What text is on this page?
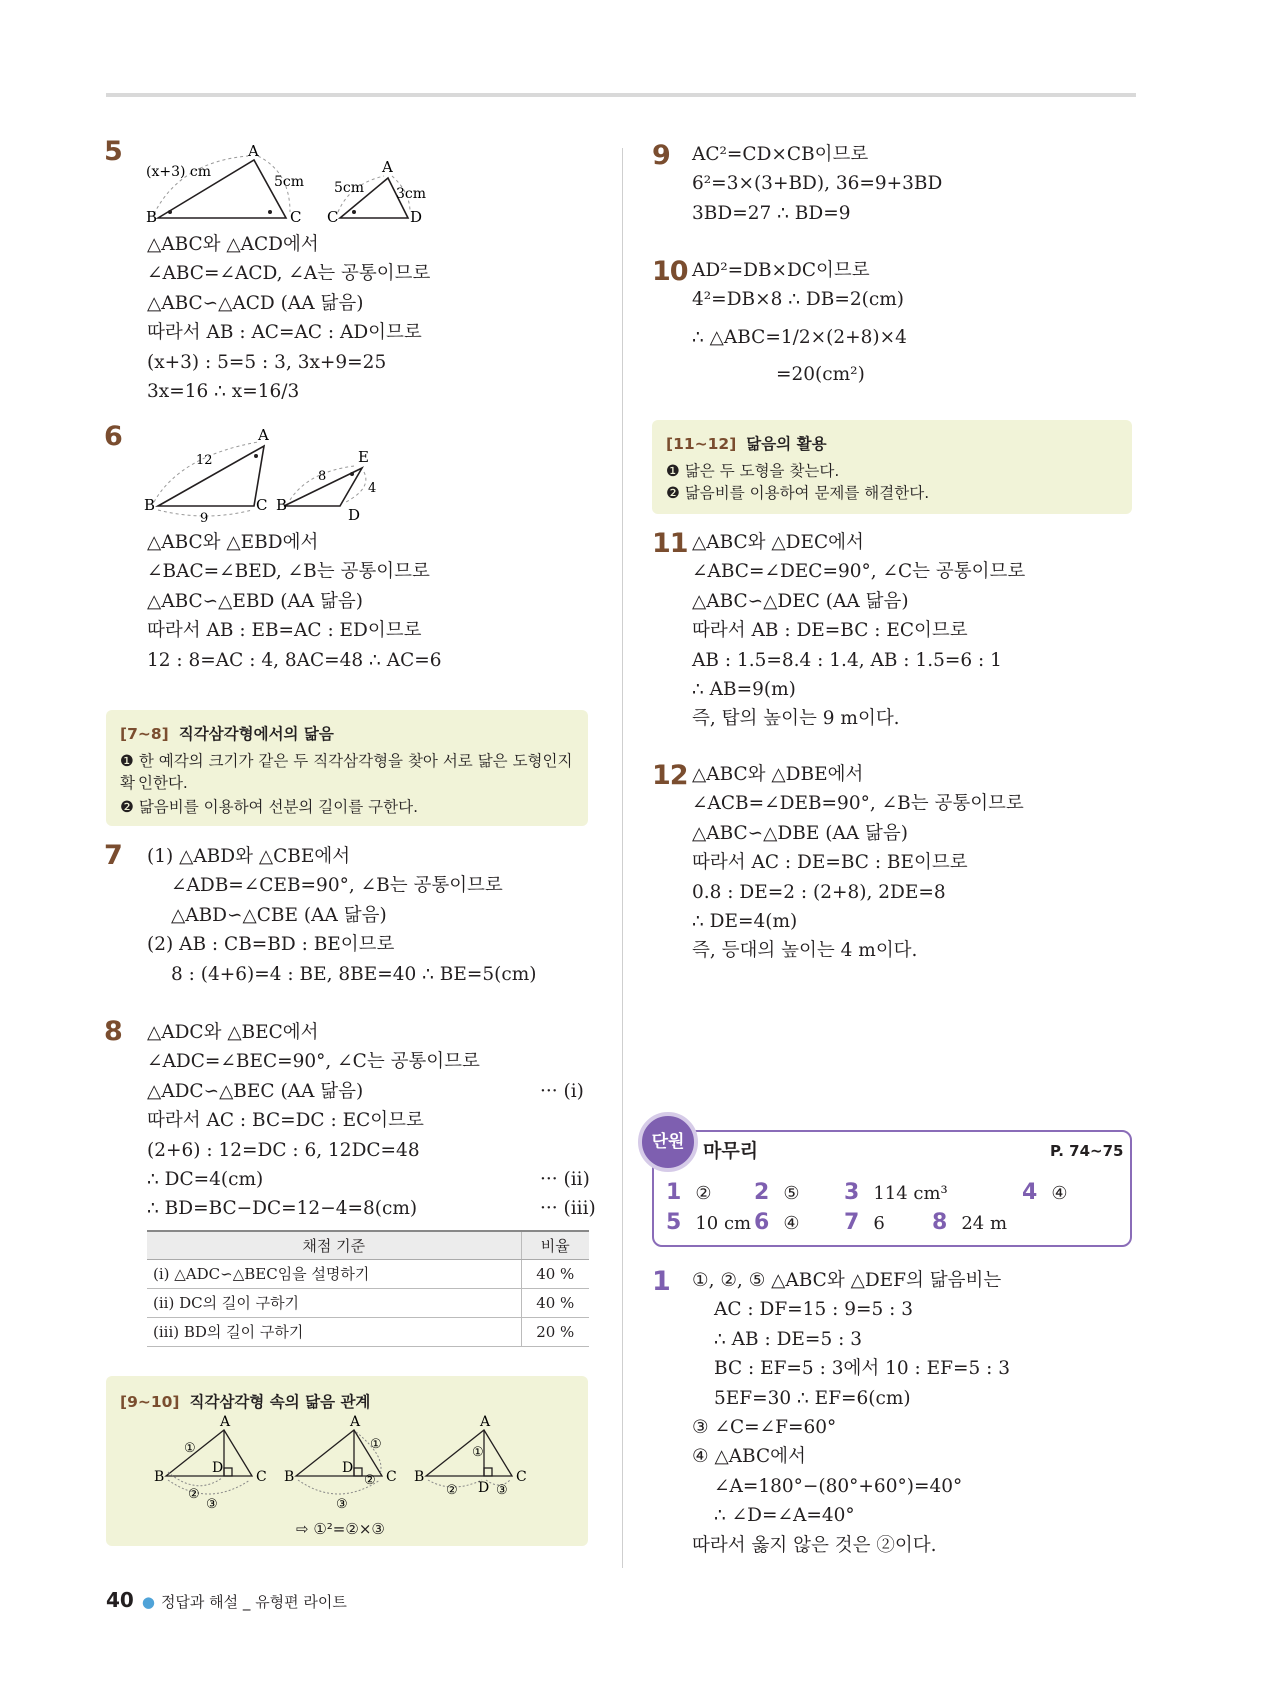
5	A
B	C
(x+3) cm
5cm
A
C	D
5cm 3cm
△ABC와 △ACD에서
∠ABC=∠ACD, ∠A는 공통이므로
△ABC∽△ACD (AA 닮음)
따라서 AB : AC=AC : AD이므로
(x+3) : 5=5 : 3, 3x+9=25
3x=16 ∴ x=16/3
6	A
B	C
12
9
E
B
D
8
4
△ABC와 △EBD에서
∠BAC=∠BED, ∠B는 공통이므로
△ABC∽△EBD (AA 닮음)
따라서 AB : EB=AC : ED이므로
12 : 8=AC : 4, 8AC=48 ∴ AC=6
[7~8] 직각삼각형에서의 닮음
❶ 한 예각의 크기가 같은 두 직각삼각형을 찾아 서로 닮은 도형인지 확 인한다.
❷ 닮음비를 이용하여 선분의 길이를 구한다.
7 (1) △ABD와 △CBE에서
∠ADB=∠CEB=90°, ∠B는 공통이므로
△ABD∽△CBE (AA 닮음)
(2) AB : CB=BD : BE이므로
8 : (4+6)=4 : BE, 8BE=40 ∴ BE=5(cm)
8 △ADC와 △BEC에서
∠ADC=∠BEC=90°, ∠C는 공통이므로
△ADC∽△BEC (AA 닮음)
따라서 AC : BC=DC : EC이므로
(2+6) : 12=DC : 6, 12DC=48
∴ DC=4(cm)
∴ BD=BC−DC=12−4=8(cm)
··· (i)
··· (ii)
··· (iii)
채점 기준	비율
(i) △ADC∽△BEC임을 설명하기	40 %
(ii) DC의 길이 구하기	40 %
(iii) BD의 길이 구하기	20 %
[9~10] 직각삼각형 속의 닮음 관계
A
B	C
D
①
②
③
A
B	C
D
①
②
③
A
B	C
D
①
②	③
⇨ ①²=②×③
9 AC²=CD×CB이므로
6²=3×(3+BD), 36=9+3BD
3BD=27 ∴ BD=9
10 AD²=DB×DC이므로
4²=DB×8 ∴ DB=2(cm)
∴ △ABC=1/2×(2+8)×4
=20(cm²)
[11~12] 닮음의 활용
❶ 닮은 두 도형을 찾는다.
❷ 닮음비를 이용하여 문제를 해결한다.
11 △ABC와 △DEC에서
∠ABC=∠DEC=90°, ∠C는 공통이므로
△ABC∽△DEC (AA 닮음)
따라서 AB : DE=BC : EC이므로
AB : 1.5=8.4 : 1.4, AB : 1.5=6 : 1
∴ AB=9(m)
즉, 탑의 높이는 9 m이다.
12 △ABC와 △DBE에서
∠ACB=∠DEB=90°, ∠B는 공통이므로
△ABC∽△DBE (AA 닮음)
따라서 AC : DE=BC : BE이므로
0.8 : DE=2 : (2+8), 2DE=8
∴ DE=4(m)
즉, 등대의 높이는 4 m이다.
단원 마무리	P. 74~75
1 ② 2 ⑤ 3 114 cm³	4 ④
5 10 cm 6 ④ 7 6 8 24 m
1 ①, ②, ⑤ △ABC와 △DEF의 닮음비는
AC : DF=15 : 9=5 : 3
∴ AB : DE=5 : 3
BC : EF=5 : 3에서 10 : EF=5 : 3
5EF=30 ∴ EF=6(cm)
③ ∠C=∠F=60°
④ △ABC에서
∠A=180°−(80°+60°)=40°
∴ ∠D=∠A=40°
따라서 옳지 않은 것은 ②이다.
40 ● 정답과 해설 _ 유형편 라이트
